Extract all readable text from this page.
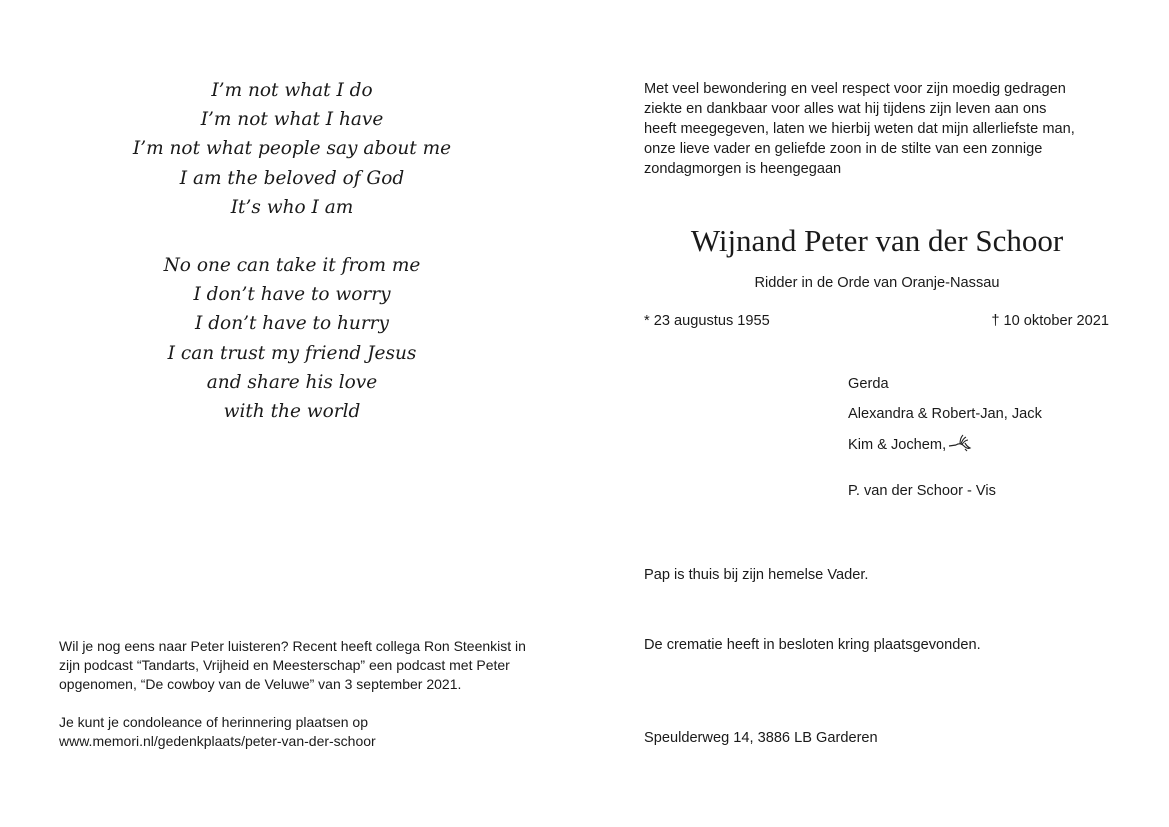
I’m not what I do
I’m not what I have
I’m not what people say about me
I am the beloved of God
It’s who I am
No one can take it from me
I don’t have to worry
I don’t have to hurry
I can trust my friend Jesus
and share his love
with the world
Met veel bewondering en veel respect voor zijn moedig gedragen
ziekte en dankbaar voor alles wat hij tijdens zijn leven aan ons
heeft meegegeven, laten we hierbij weten dat mijn allerliefste man,
onze lieve vader en geliefde zoon in de stilte van een zonnige
zondagmorgen is heengegaan
Wijnand Peter van der Schoor
Ridder in de Orde van Oranje-Nassau
* 23 augustus 1955	† 10 oktober 2021
Gerda
Alexandra & Robert-Jan, Jack
Kim & Jochem,
P. van der Schoor - Vis
Pap is thuis bij zijn hemelse Vader.
De crematie heeft in besloten kring plaatsgevonden.
Speulderweg 14, 3886 LB Garderen
Wil je nog eens naar Peter luisteren? Recent heeft collega Ron Steenkist in
zijn podcast “Tandarts, Vrijheid en Meesterschap” een podcast met Peter
opgenomen, “De cowboy van de Veluwe” van 3 september 2021.
Je kunt je condoleance of herinnering plaatsen op
www.memori.nl/gedenkplaats/peter-van-der-schoor
